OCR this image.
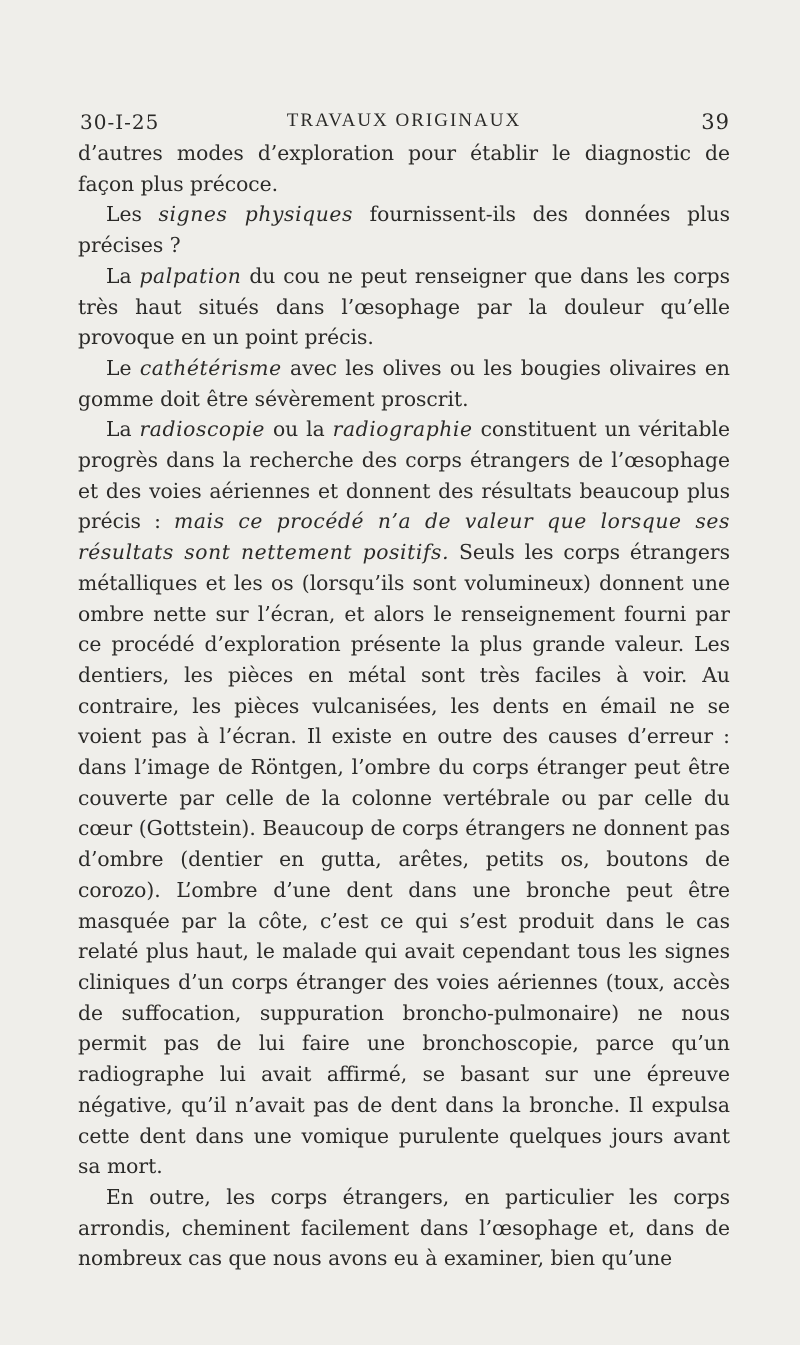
30-I-25	TRAVAUX ORIGINAUX	39

d’autres modes d’exploration pour établir le diagnostic de façon plus précoce.

Les signes physiques fournissent-ils des données plus précises ?

La palpation du cou ne peut renseigner que dans les corps très haut situés dans l’œsophage par la douleur qu’elle provoque en un point précis.

Le cathétérisme avec les olives ou les bougies olivaires en gomme doit être sévèrement proscrit.

La radioscopie ou la radiographie constituent un véritable progrès dans la recherche des corps étrangers de l’œsophage et des voies aériennes et donnent des résultats beaucoup plus précis : mais ce procédé n’a de valeur que lorsque ses résultats sont nettement positifs. Seuls les corps étrangers métalliques et les os (lorsqu’ils sont volumineux) donnent une ombre nette sur l’écran, et alors le renseignement fourni par ce procédé d’exploration présente la plus grande valeur. Les dentiers, les pièces en métal sont très faciles à voir. Au contraire, les pièces vulcanisées, les dents en émail ne se voient pas à l’écran. Il existe en outre des causes d’erreur : dans l’image de Röntgen, l’ombre du corps étranger peut être couverte par celle de la colonne vertébrale ou par celle du cœur (Gottstein). Beaucoup de corps étrangers ne donnent pas d’ombre (dentier en gutta, arêtes, petits os, boutons de corozo). L’ombre d’une dent dans une bronche peut être masquée par la côte, c’est ce qui s’est produit dans le cas relaté plus haut, le malade qui avait cependant tous les signes cliniques d’un corps étranger des voies aériennes (toux, accès de suffocation, suppuration broncho-pulmonaire) ne nous permit pas de lui faire une bronchoscopie, parce qu’un radiographe lui avait affirmé, se basant sur une épreuve négative, qu’il n’avait pas de dent dans la bronche. Il expulsa cette dent dans une vomique purulente quelques jours avant sa mort.

En outre, les corps étrangers, en particulier les corps arrondis, cheminent facilement dans l’œsophage et, dans de nombreux cas que nous avons eu à examiner, bien qu’une
